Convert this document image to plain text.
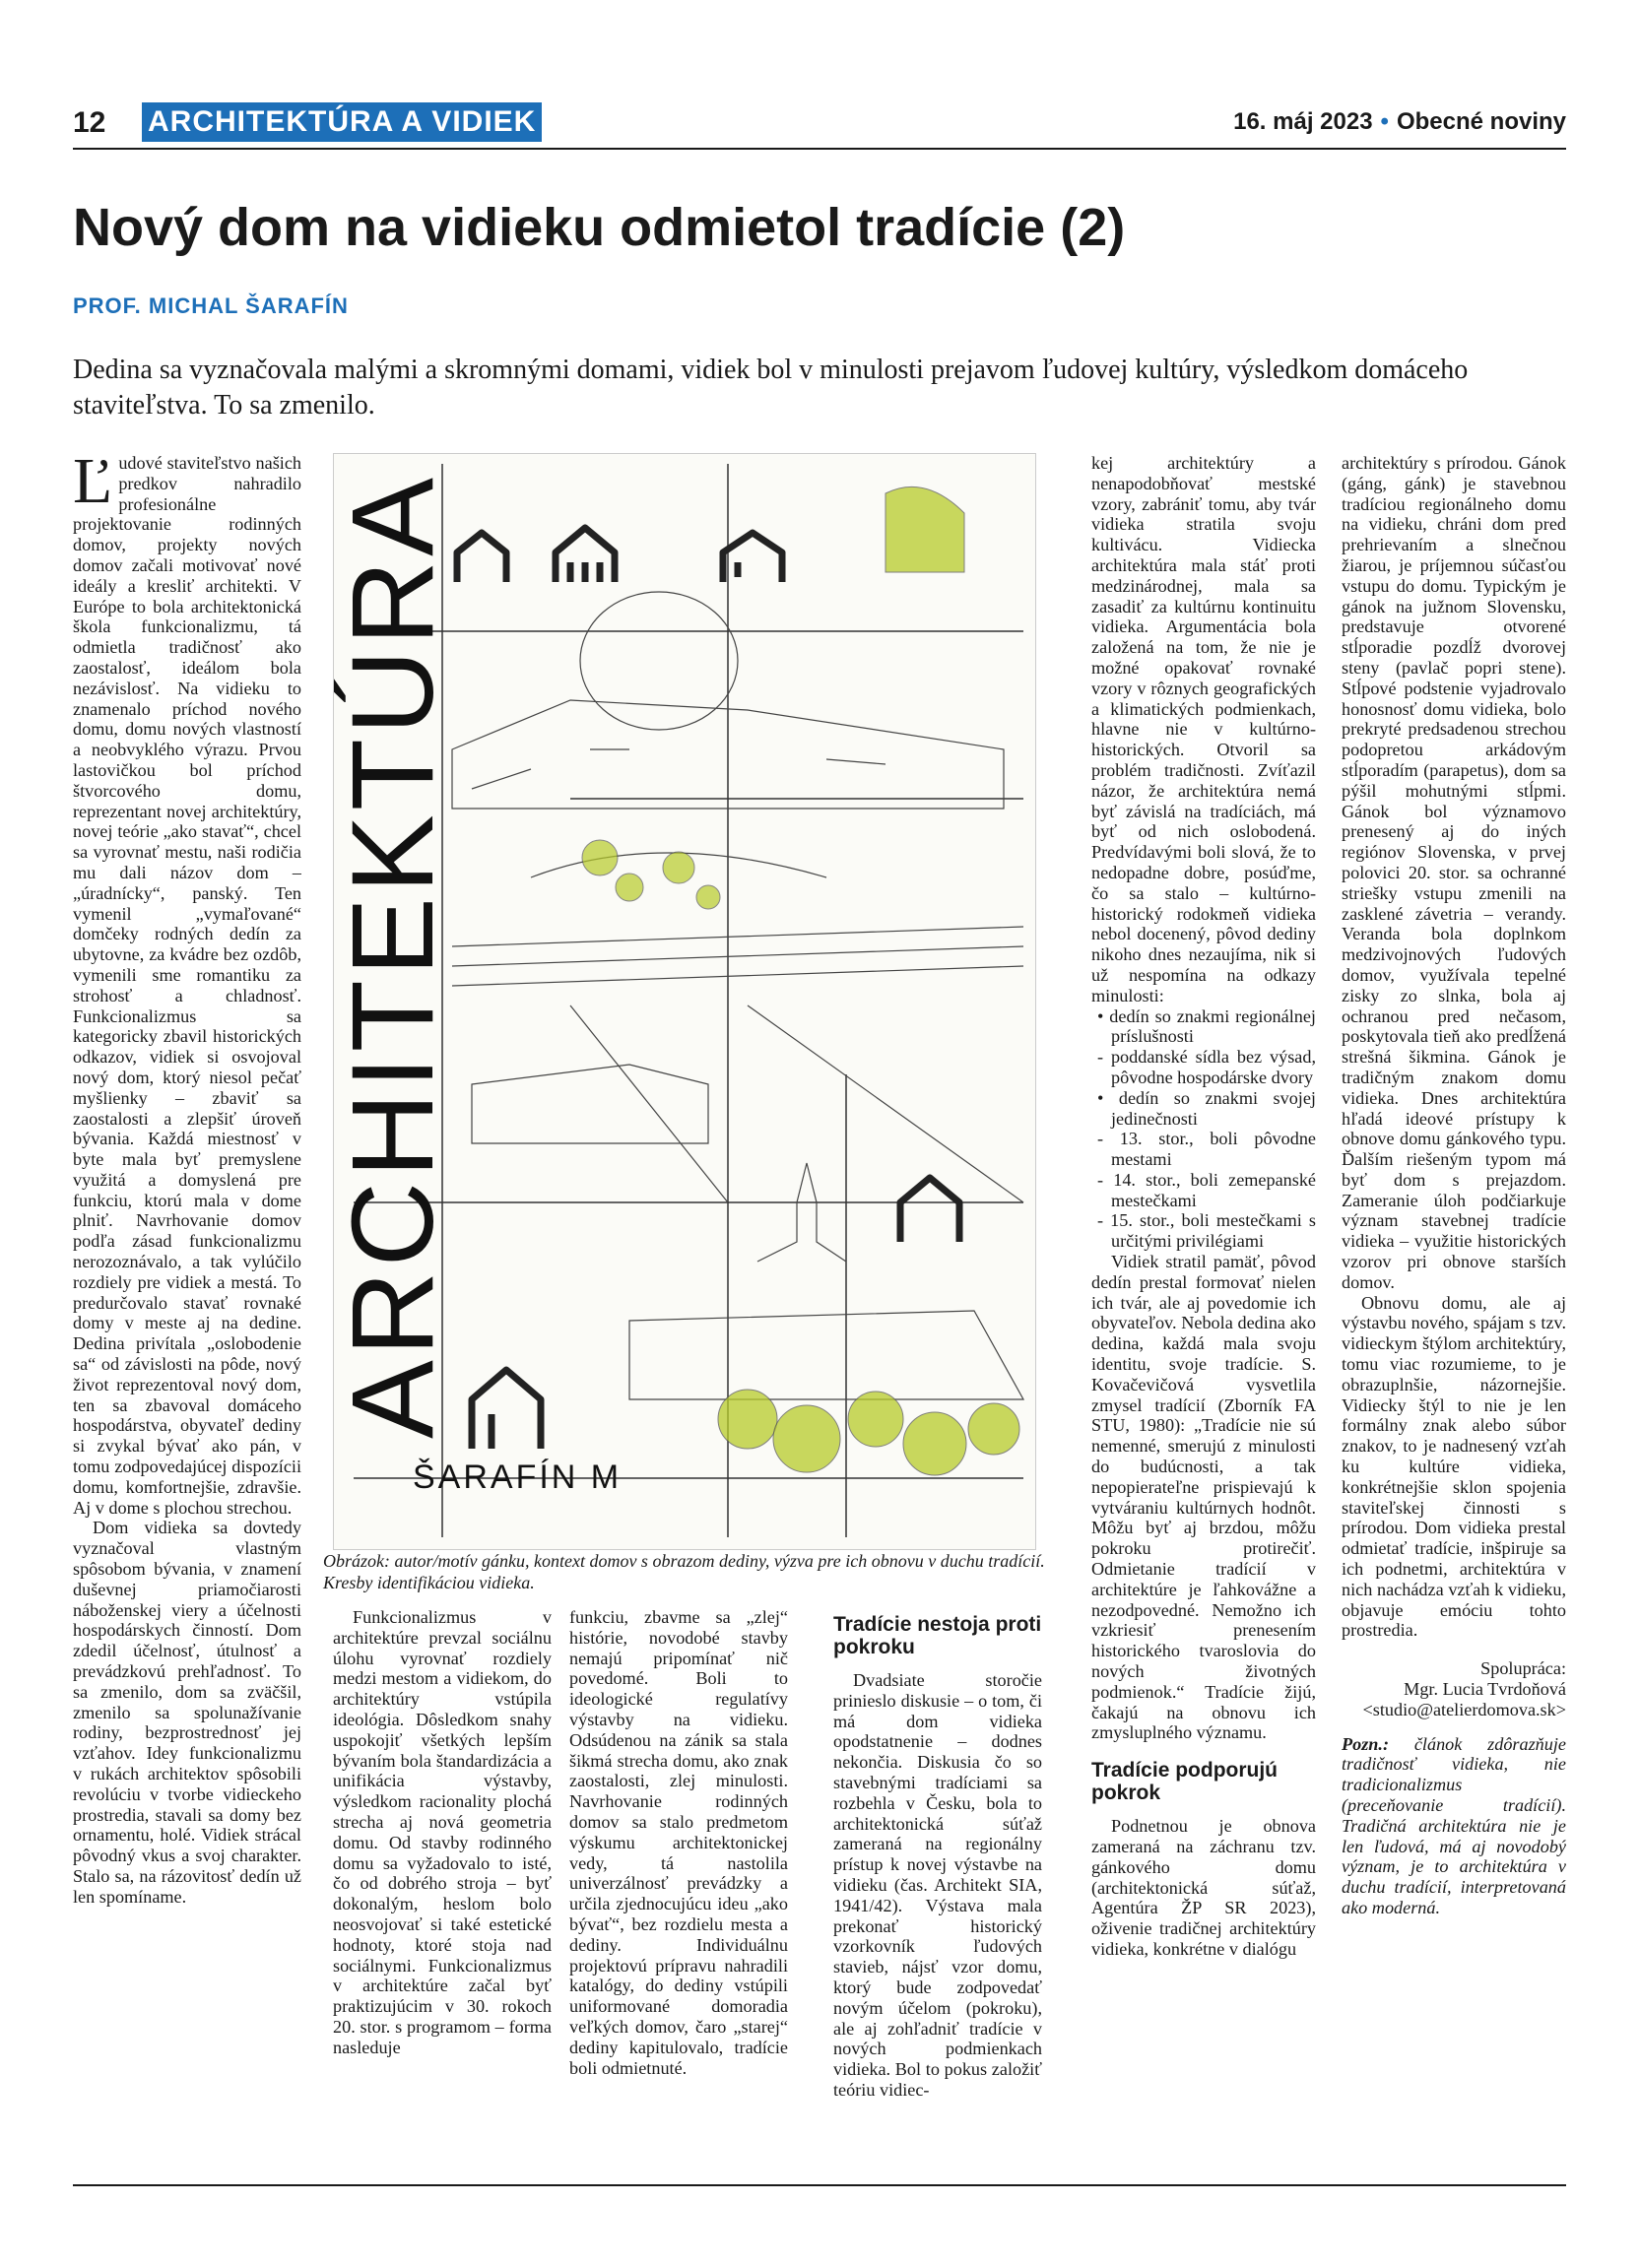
12 ARCHITEKTÚRA A VIDIEK	16. máj 2023 • Obecné noviny
Nový dom na vidieku odmietol tradície (2)
PROF. MICHAL ŠARAFÍN

Dedina sa vyznačovala malými a skromnými domami, vidiek bol v minulosti prejavom ľudovej kultúry, výsledkom domáceho staviteľstva. To sa zmenilo.

Ľudové staviteľstvo našich predkov nahradilo profesionálne projektovanie rodinných domov, projekty nových domov začali motivovať nové ideály a kresliť architekti. V Európe to bola architektonická škola funkcionalizmu, tá odmietla tradičnosť ako zaostalosť, ideálom bola nezávislosť. Na vidieku to znamenalo príchod nového domu, domu nových vlastností a neobvyklého výrazu. Prvou lastovičkou bol príchod štvorcového domu, reprezentant novej architektúry, novej teórie „ako stavať“, chcel sa vyrovnať mestu, naši rodičia mu dali názov dom – „úradnícky“, panský. Ten vymenil „vymaľované“ domčeky rodných dedín za ubytovne, za kvádre bez ozdôb, vymenili sme romantiku za strohosť a chladnosť. Funkcionalizmus sa kategoricky zbavil historických odkazov, vidiek si osvojoval nový dom, ktorý niesol pečať myšlienky – zbaviť sa zaostalosti a zlepšiť úroveň bývania. Každá miestnosť v byte mala byť premyslene využitá a domyslená pre funkciu, ktorú mala v dome plniť. Navrhovanie domov podľa zásad funkcionalizmu nerozoznávalo, a tak vylúčilo rozdiely pre vidiek a mestá. To predurčovalo stavať rovnaké domy v meste aj na dedine. Dedina privítala „oslobodenie sa“ od závislosti na pôde, nový život reprezentoval nový dom, ten sa zbavoval domáceho hospodárstva, obyvateľ dediny si zvykal bývať ako pán, v tomu zodpovedajúcej dispozícii domu, komfortnejšie, zdravšie. Aj v dome s plochou strechou.

Dom vidieka sa dovtedy vyznačoval vlastným spôsobom bývania, v znamení duševnej priamočiarosti náboženskej viery a účelnosti hospodárskych činností. Dom zdedil účelnosť, útulnosť a prevádzkovú prehľadnosť. To sa zmenilo, dom sa zväčšil, zmenilo sa spolunažívanie rodiny, bezprostrednosť jej vzťahov. Idey funkcionalizmu v rukách architektov spôsobili revolúciu v tvorbe vidieckeho prostredia, stavali sa domy bez ornamentu, holé. Vidiek strácal pôvodný vkus a svoj charakter. Stalo sa, na rázovitosť dedín už len spomíname.

ARCHITEKTÚRA
ŠARAFÍN M

Obrázok: autor/motív gánku, kontext domov s obrazom dediny, výzva pre ich obnovu v duchu tradícií. Kresby identifikáciou vidieka.

Funkcionalizmus v architektúre prevzal sociálnu úlohu vyrovnať rozdiely medzi mestom a vidiekom, do architektúry vstúpila ideológia. Dôsledkom snahy uspokojiť všetkých lepším bývaním bola štandardizácia a unifikácia výstavby, výsledkom racionality plochá strecha aj nová geometria domu. Od stavby rodinného domu sa vyžadovalo to isté, čo od dobrého stroja – byť dokonalým, heslom bolo neosvojovať si také estetické hodnoty, ktoré stoja nad sociálnymi. Funkcionalizmus v architektúre začal byť praktizujúcim v 30. rokoch 20. stor. s programom – forma nasleduje

funkciu, zbavme sa „zlej“ histórie, novodobé stavby nemajú pripomínať nič povedomé. Boli to ideologické regulatívy výstavby na vidieku. Odsúdenou na zánik sa stala šikmá strecha domu, ako znak zaostalosti, zlej minulosti. Navrhovanie rodinných domov sa stalo predmetom výskumu architektonickej vedy, tá nastolila univerzálnosť prevádzky a určila zjednocujúcu ideu „ako bývať“, bez rozdielu mesta a dediny. Individuálnu projektovú prípravu nahradili katalógy, do dediny vstúpili uniformované domoradia veľkých domov, čaro „starej“ dediny kapitulovalo, tradície boli odmietnuté.

Tradície nestoja proti pokroku

Dvadsiate storočie prinieslo diskusie – o tom, či má dom vidieka opodstatnenie – dodnes nekončia. Diskusia čo so stavebnými tradíciami sa rozbehla v Česku, bola to architektonická súťaž zameraná na regionálny prístup k novej výstavbe na vidieku (čas. Architekt SIA, 1941/42). Výstava mala prekonať historický vzorkovník ľudových stavieb, nájsť vzor domu, ktorý bude zodpovedať novým účelom (pokroku), ale aj zohľadniť tradície v nových podmienkach vidieka. Bol to pokus založiť teóriu vidiec-

kej architektúry a nenapodobňovať mestské vzory, zabrániť tomu, aby tvár vidieka stratila svoju kultivácu. Vidiecka architektúra mala stáť proti medzinárodnej, mala sa zasadiť za kultúrnu kontinuitu vidieka. Argumentácia bola založená na tom, že nie je možné opakovať rovnaké vzory v rôznych geografických a klimatických podmienkach, hlavne nie v kultúrno-historických. Otvoril sa problém tradičnosti. Zvíťazil názor, že architektúra nemá byť závislá na tradíciách, má byť od nich oslobodená. Predvídavými boli slová, že to nedopadne dobre, posúďme, čo sa stalo – kultúrno-historický rodokmeň vidieka nebol docenený, pôvod dediny nikoho dnes nezaujíma, nik si už nespomína na odkazy minulosti:

• dedín so znakmi regionálnej príslušnosti
- poddanské sídla bez výsad, pôvodne hospodárske dvory
• dedín so znakmi svojej jedinečnosti
- 13. stor., boli pôvodne mestami
- 14. stor., boli zemepanské mestečkami
- 15. stor., boli mestečkami s určitými privilégiami

Vidiek stratil pamäť, pôvod dedín prestal formovať nielen ich tvár, ale aj povedomie ich obyvateľov. Nebola dedina ako dedina, každá mala svoju identitu, svoje tradície. S. Kovačevičová vysvetlila zmysel tradícií (Zborník FA STU, 1980): „Tradície nie sú nemenné, smerujú z minulosti do budúcnosti, a tak nepopierateľne prispievajú k vytváraniu kultúrnych hodnôt. Môžu byť aj brzdou, môžu pokroku protirečiť. Odmietanie tradícií v architektúre je ľahkovážne a nezodpovedné. Nemožno ich vzkriesiť prenesením historického tvaroslovia do nových životných podmienok.“ Tradície žijú, čakajú na obnovu ich zmysluplného významu.

Tradície podporujú pokrok

Podnetnou je obnova zameraná na záchranu tzv. gánkového domu (architektonická súťaž, Agentúra ŽP SR 2023), oživenie tradičnej architektúry vidieka, konkrétne v dialógu

architektúry s prírodou. Gánok (gáng, gánk) je stavebnou tradíciou regionálneho domu na vidieku, chráni dom pred prehrievaním a slnečnou žiarou, je príjemnou súčasťou vstupu do domu. Typickým je gánok na južnom Slovensku, predstavuje otvorené stĺporadie pozdĺž dvorovej steny (pavlač popri stene). Stĺpové podstenie vyjadrovalo honosnosť domu vidieka, bolo prekryté predsadenou strechou podopretou arkádovým stĺporadím (parapetus), dom sa pýšil mohutnými stĺpmi. Gánok bol významovo prenesený aj do iných regiónov Slovenska, v prvej polovici 20. stor. sa ochranné striešky vstupu zmenili na zasklené závetria – verandy. Veranda bola doplnkom medzivojnových ľudových domov, využívala tepelné zisky zo slnka, bola aj ochranou pred nečasom, poskytovala tieň ako predĺžená strešná šikmina. Gánok je tradičným znakom domu vidieka. Dnes architektúra hľadá ideové prístupy k obnove domu gánkového typu. Ďalším riešeným typom má byť dom s prejazdom. Zameranie úloh podčiarkuje význam stavebnej tradície vidieka – využitie historických vzorov pri obnove starších domov.

Obnovu domu, ale aj výstavbu nového, spájam s tzv. vidieckym štýlom architektúry, tomu viac rozumieme, to je obrazuplnšie, názornejšie. Vidiecky štýl to nie je len formálny znak alebo súbor znakov, to je nadnesený vzťah ku kultúre vidieka, konkrétnejšie sklon spojenia staviteľskej činnosti s prírodou. Dom vidieka prestal odmietať tradície, inšpiruje sa ich podnetmi, architektúra v nich nachádza vzťah k vidieku, objavuje emóciu tohto prostredia.

Spolupráca:
Mgr. Lucia Tvrdoňová
<studio@atelierdomova.sk>

Pozn.: článok zdôrazňuje tradičnosť vidieka, nie tradicionalizmus (preceňovanie tradícií). Tradičná architektúra nie je len ľudová, má aj novodobý význam, je to architektúra v duchu tradícií, interpretovaná ako moderná.
